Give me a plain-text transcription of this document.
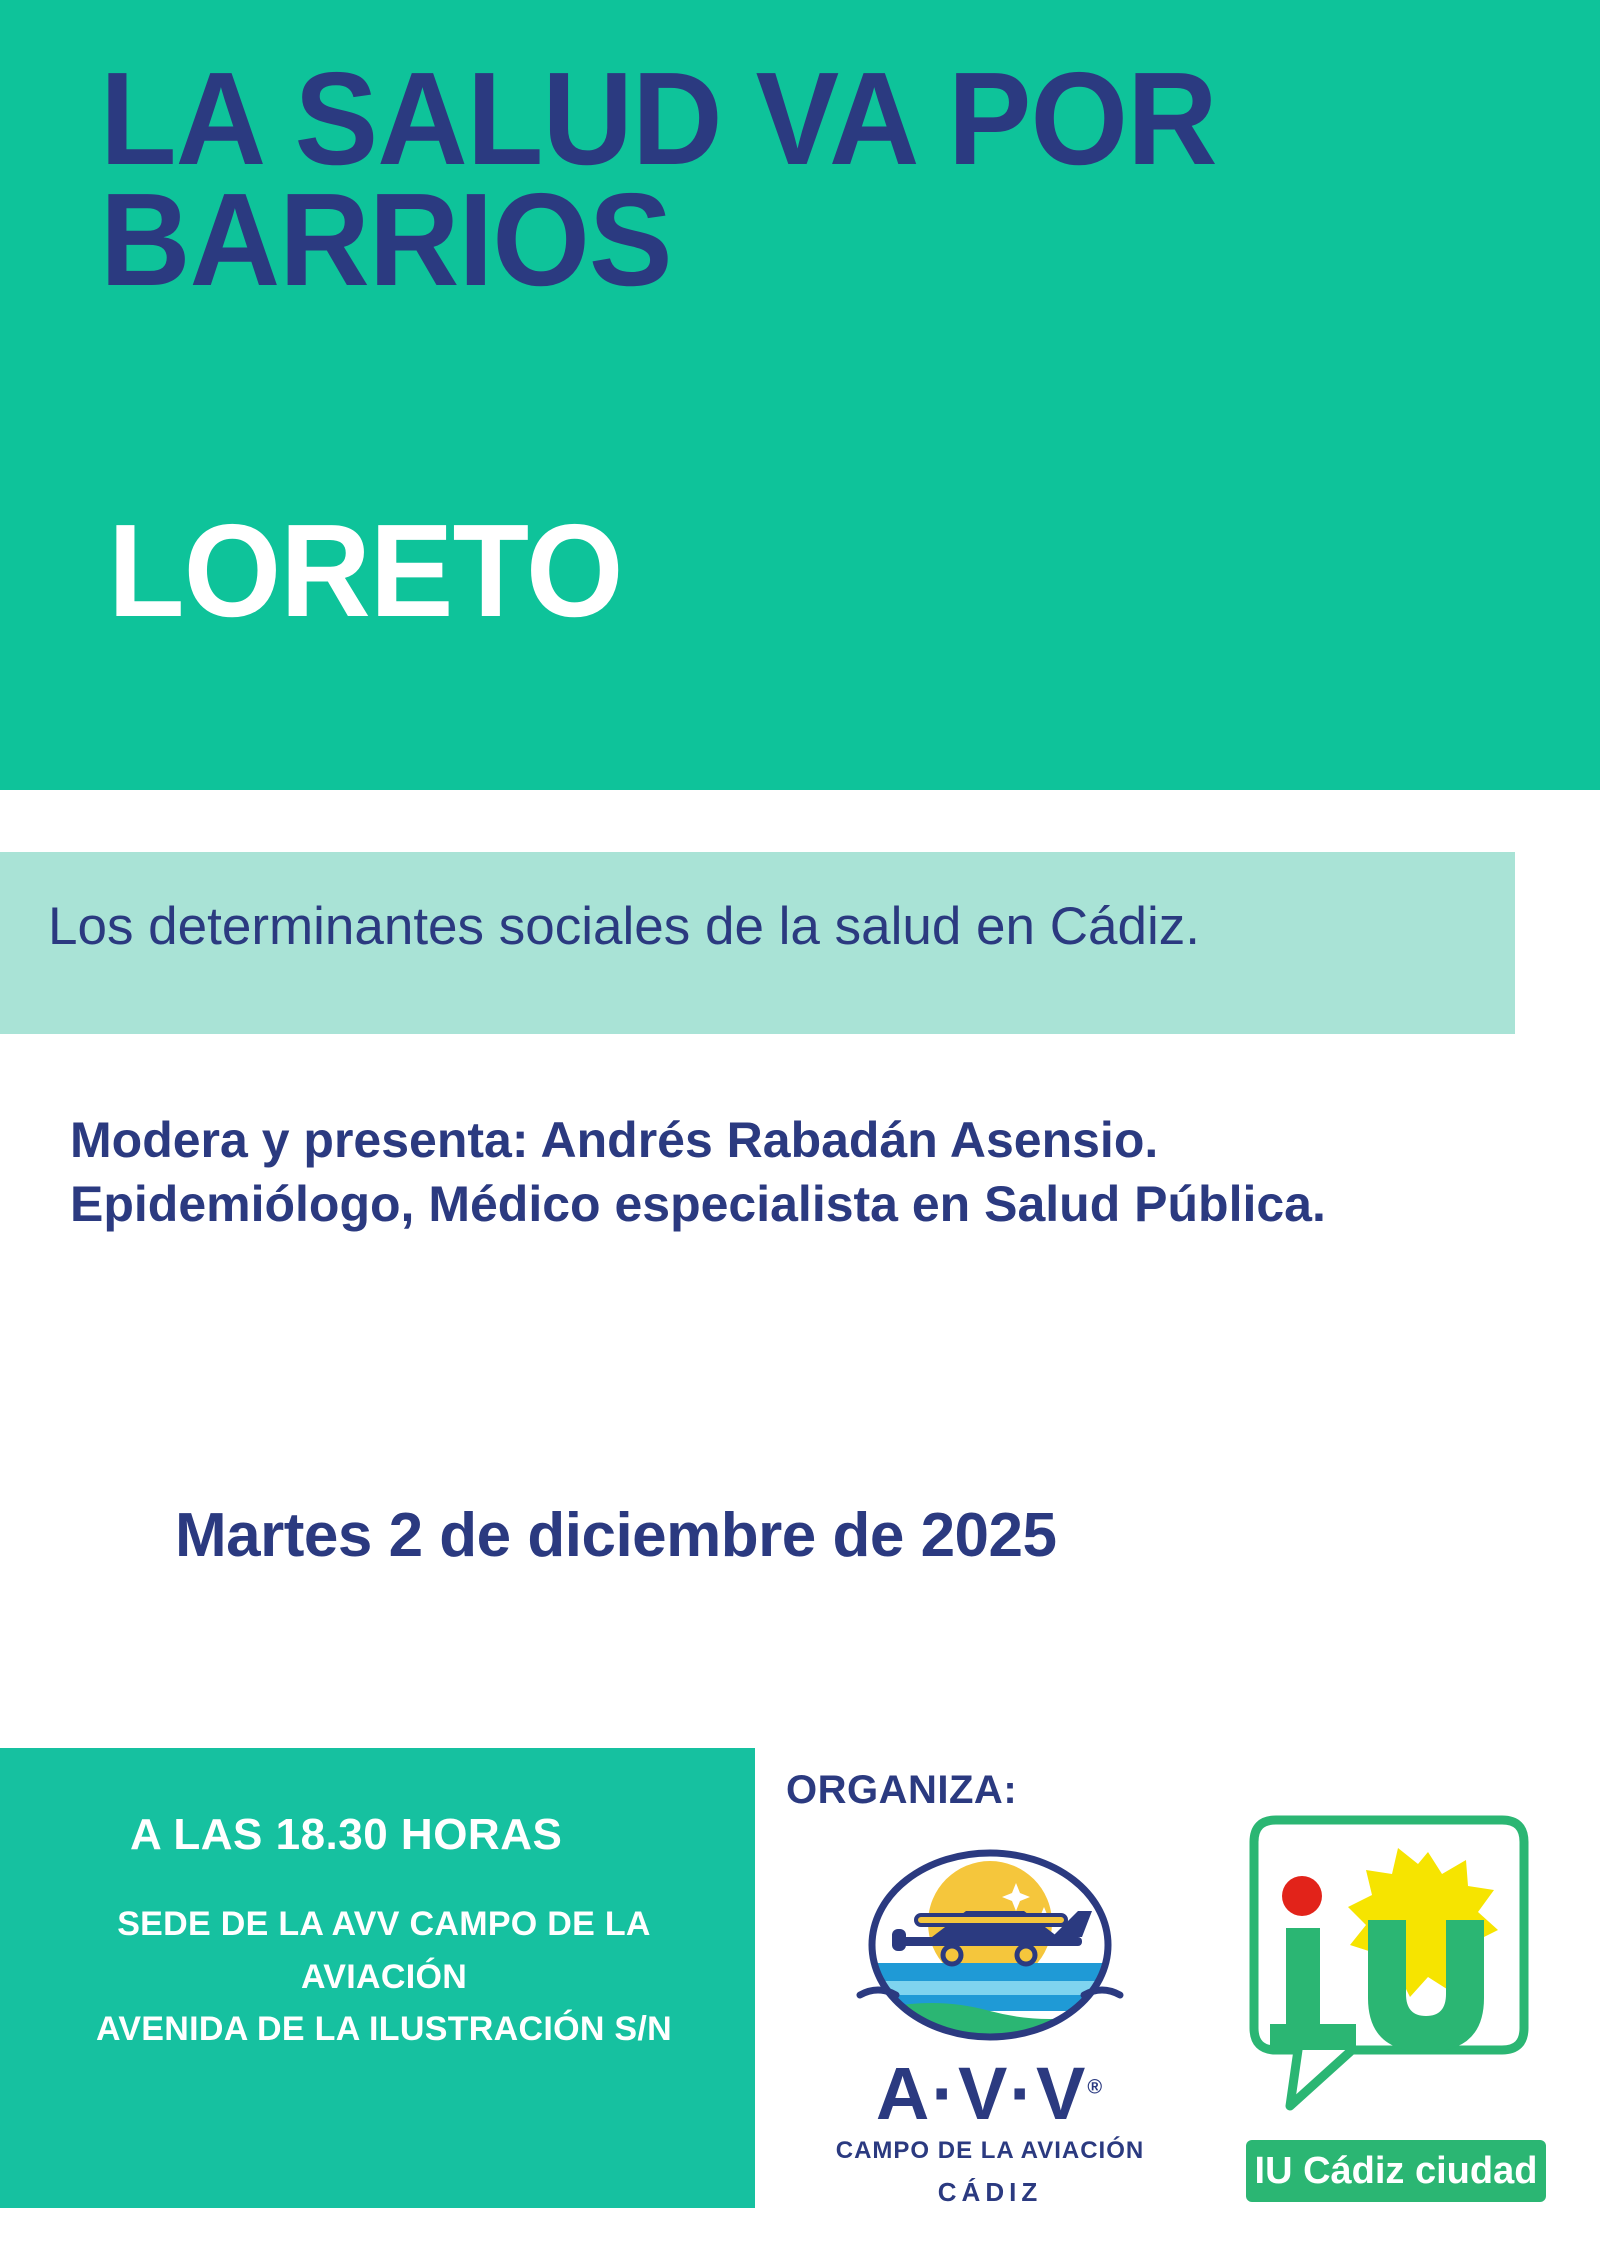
LA SALUD VA POR
BARRIOS
LORETO
Los determinantes sociales de la salud en Cádiz.
Modera y presenta: Andrés Rabadán Asensio. Epidemiólogo, Médico especialista en Salud Pública.
Martes 2 de diciembre de 2025
A LAS 18.30 HORAS
SEDE DE LA AVV CAMPO DE LA AVIACIÓN
AVENIDA DE LA ILUSTRACIÓN S/N
ORGANIZA:
A·V·V®
CAMPO DE LA AVIACIÓN
CÁDIZ	IU Cádiz ciudad
